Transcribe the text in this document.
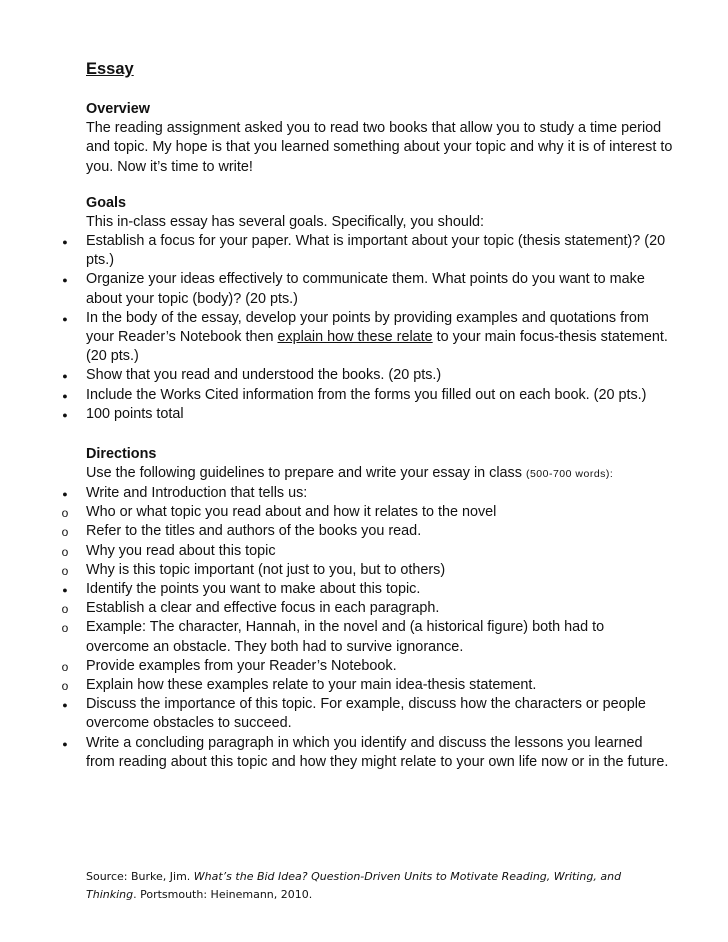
Essay
Overview

The reading assignment asked you to read two books that allow you to study a time period and topic. My hope is that you learned something about your topic and why it is of interest to you. Now it’s time to write!

Goals

This in-class essay has several goals. Specifically, you should:

●
Establish a focus for your paper. What is important about your topic (thesis statement)? (20 pts.)
●
Organize your ideas effectively to communicate them. What points do you want to make about your topic (body)? (20 pts.)
●
In the body of the essay, develop your points by providing examples and quotations from your Reader’s Notebook then explain how these relate to your main focus-thesis statement. (20 pts.)
●
Show that you read and understood the books. (20 pts.)
●
Include the Works Cited information from the forms you filled out on each book. (20 pts.)
●
100 points total
Directions

Use the following guidelines to prepare and write your essay in class (500-700 words):

●
Write and Introduction that tells us:
o
Who or what topic you read about and how it relates to the novel
o
Refer to the titles and authors of the books you read.
o
Why you read about this topic
o
Why is this topic important (not just to you, but to others)
●
Identify the points you want to make about this topic.
o
Establish a clear and effective focus in each paragraph.
o
Example: The character, Hannah, in the novel and (a historical figure) both had to overcome an obstacle. They both had to survive ignorance.
o
Provide examples from your Reader’s Notebook.
o
Explain how these examples relate to your main idea-thesis statement.
●
Discuss the importance of this topic. For example, discuss how the characters or people overcome obstacles to succeed.
●
Write a concluding paragraph in which you identify and discuss the lessons you learned from reading about this topic and how they might relate to your own life now or in the future.
Source: Burke, Jim. What’s the Bid Idea? Question-Driven Units to Motivate Reading, Writing, and Thinking. Portsmouth: Heinemann, 2010.
